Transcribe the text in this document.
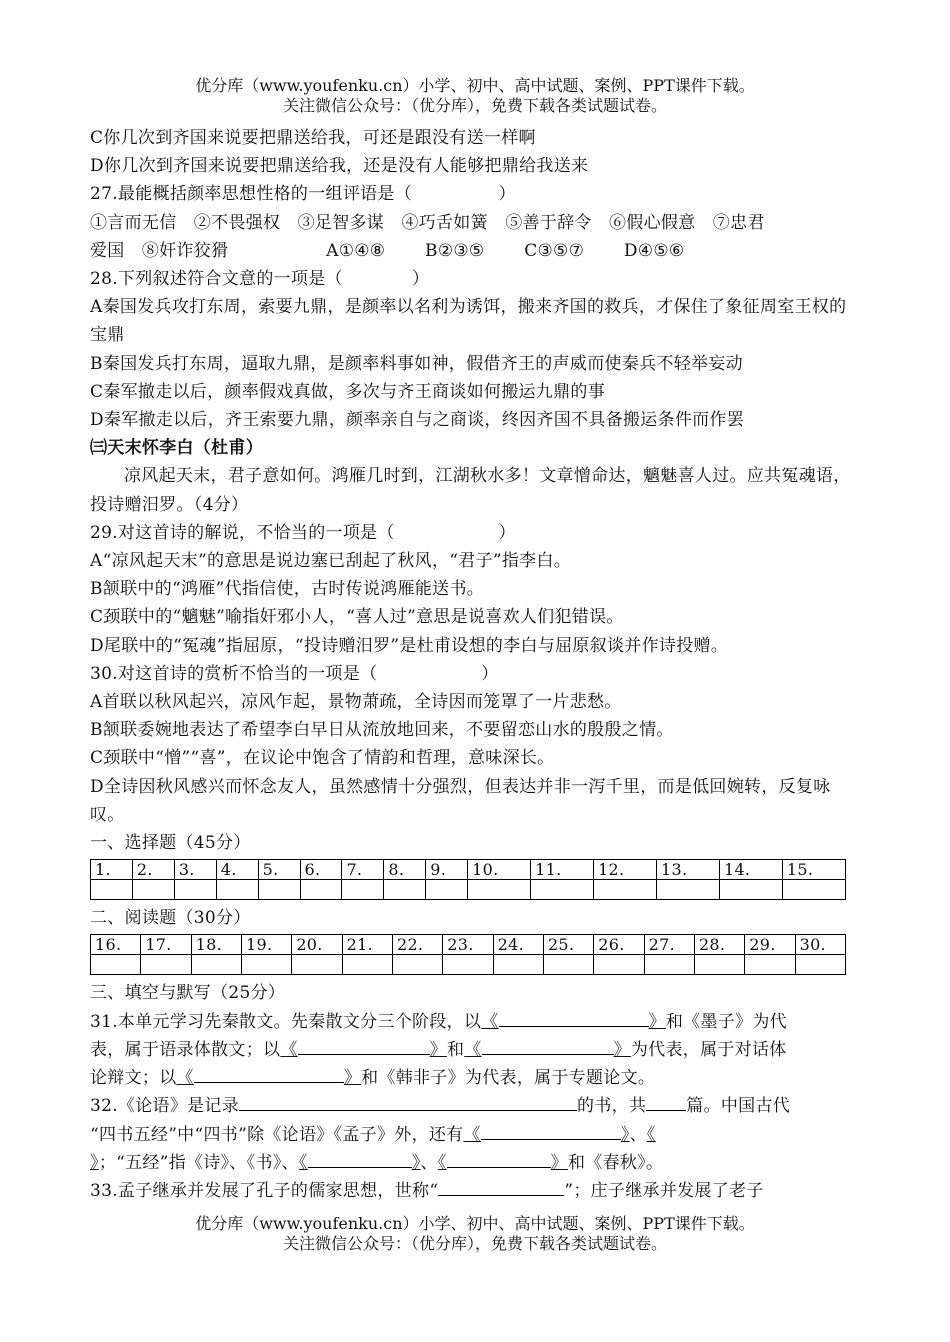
优分库（www.youfenku.cn）小学、初中、高中试题、案例、PPT课件下载。
关注微信公众号：（优分库），免费下载各类试题试卷。
C你几次到齐国来说要把鼎送给我，可还是跟没有送一样啊
D你几次到齐国来说要把鼎送给我，还是没有人能够把鼎给我送来
27.最能概括颜率思想性格的一组评语是（　　　　　）
①言而无信　②不畏强权　③足智多谋　④巧舌如簧　⑤善于辞令　⑥假心假意　⑦忠君
爱国　⑧奸诈狡猾	A①④⑧ B②③⑤ C③⑤⑦ D④⑤⑥
28.下列叙述符合文意的一项是（　　　　）
A秦国发兵攻打东周，索要九鼎，是颜率以名利为诱饵，搬来齐国的救兵，才保住了象征周室王权的宝鼎
B秦国发兵打东周，逼取九鼎，是颜率料事如神，假借齐王的声威而使秦兵不轻举妄动
C秦军撤走以后，颜率假戏真做，多次与齐王商谈如何搬运九鼎的事
D秦军撤走以后，齐王索要九鼎，颜率亲自与之商谈，终因齐国不具备搬运条件而作罢
㈢天末怀李白（杜甫）
凉风起天末，君子意如何。鸿雁几时到，江湖秋水多！文章憎命达，魑魅喜人过。应共冤魂语，投诗赠汨罗。（4分）
29.对这首诗的解说，不恰当的一项是（　　　　　　）
A“凉风起天末”的意思是说边塞已刮起了秋风，“君子”指李白。
B颔联中的“鸿雁”代指信使，古时传说鸿雁能送书。
C颈联中的“魑魅”喻指奸邪小人，“喜人过”意思是说喜欢人们犯错误。
D尾联中的“冤魂”指屈原，“投诗赠汨罗”是杜甫设想的李白与屈原叙谈并作诗投赠。
30.对这首诗的赏析不恰当的一项是（　　　　　　）
A首联以秋风起兴，凉风乍起，景物萧疏，全诗因而笼罩了一片悲愁。
B颔联委婉地表达了希望李白早日从流放地回来，不要留恋山水的殷殷之情。
C颈联中“憎”“喜”，在议论中饱含了情韵和哲理，意味深长。
D全诗因秋风感兴而怀念友人，虽然感情十分强烈，但表达并非一泻千里，而是低回婉转，反复咏叹。
一、选择题（45分）
1.	2.	3.	4.	5.	6.	7.	8.	9.	10.	11.	12.	13.	14.	15.

二、阅读题（30分）
16.	17.	18.	19.	20.	21.	22.	23.	24.	25.	26.	27.	28.	29.	30.

三、填空与默写（25分）
31.本单元学习先秦散文。先秦散文分三个阶段，以《	》和《墨子》为代
表，属于语录体散文；以《	》和《	》为代表，属于对话体
论辩文；以《	》和《韩非子》为代表，属于专题论文。
32.《论语》是记录	的书，共 篇。中国古代
“四书五经”中“四书”除《论语》《孟子》外，还有《	》、《
》；“五经”指《诗》、《书》、《	》、《	》和《春秋》。
33.孟子继承并发展了孔子的儒家思想，世称“	”；庄子继承并发展了老子
优分库（www.youfenku.cn）小学、初中、高中试题、案例、PPT课件下载。
关注微信公众号：（优分库），免费下载各类试题试卷。
